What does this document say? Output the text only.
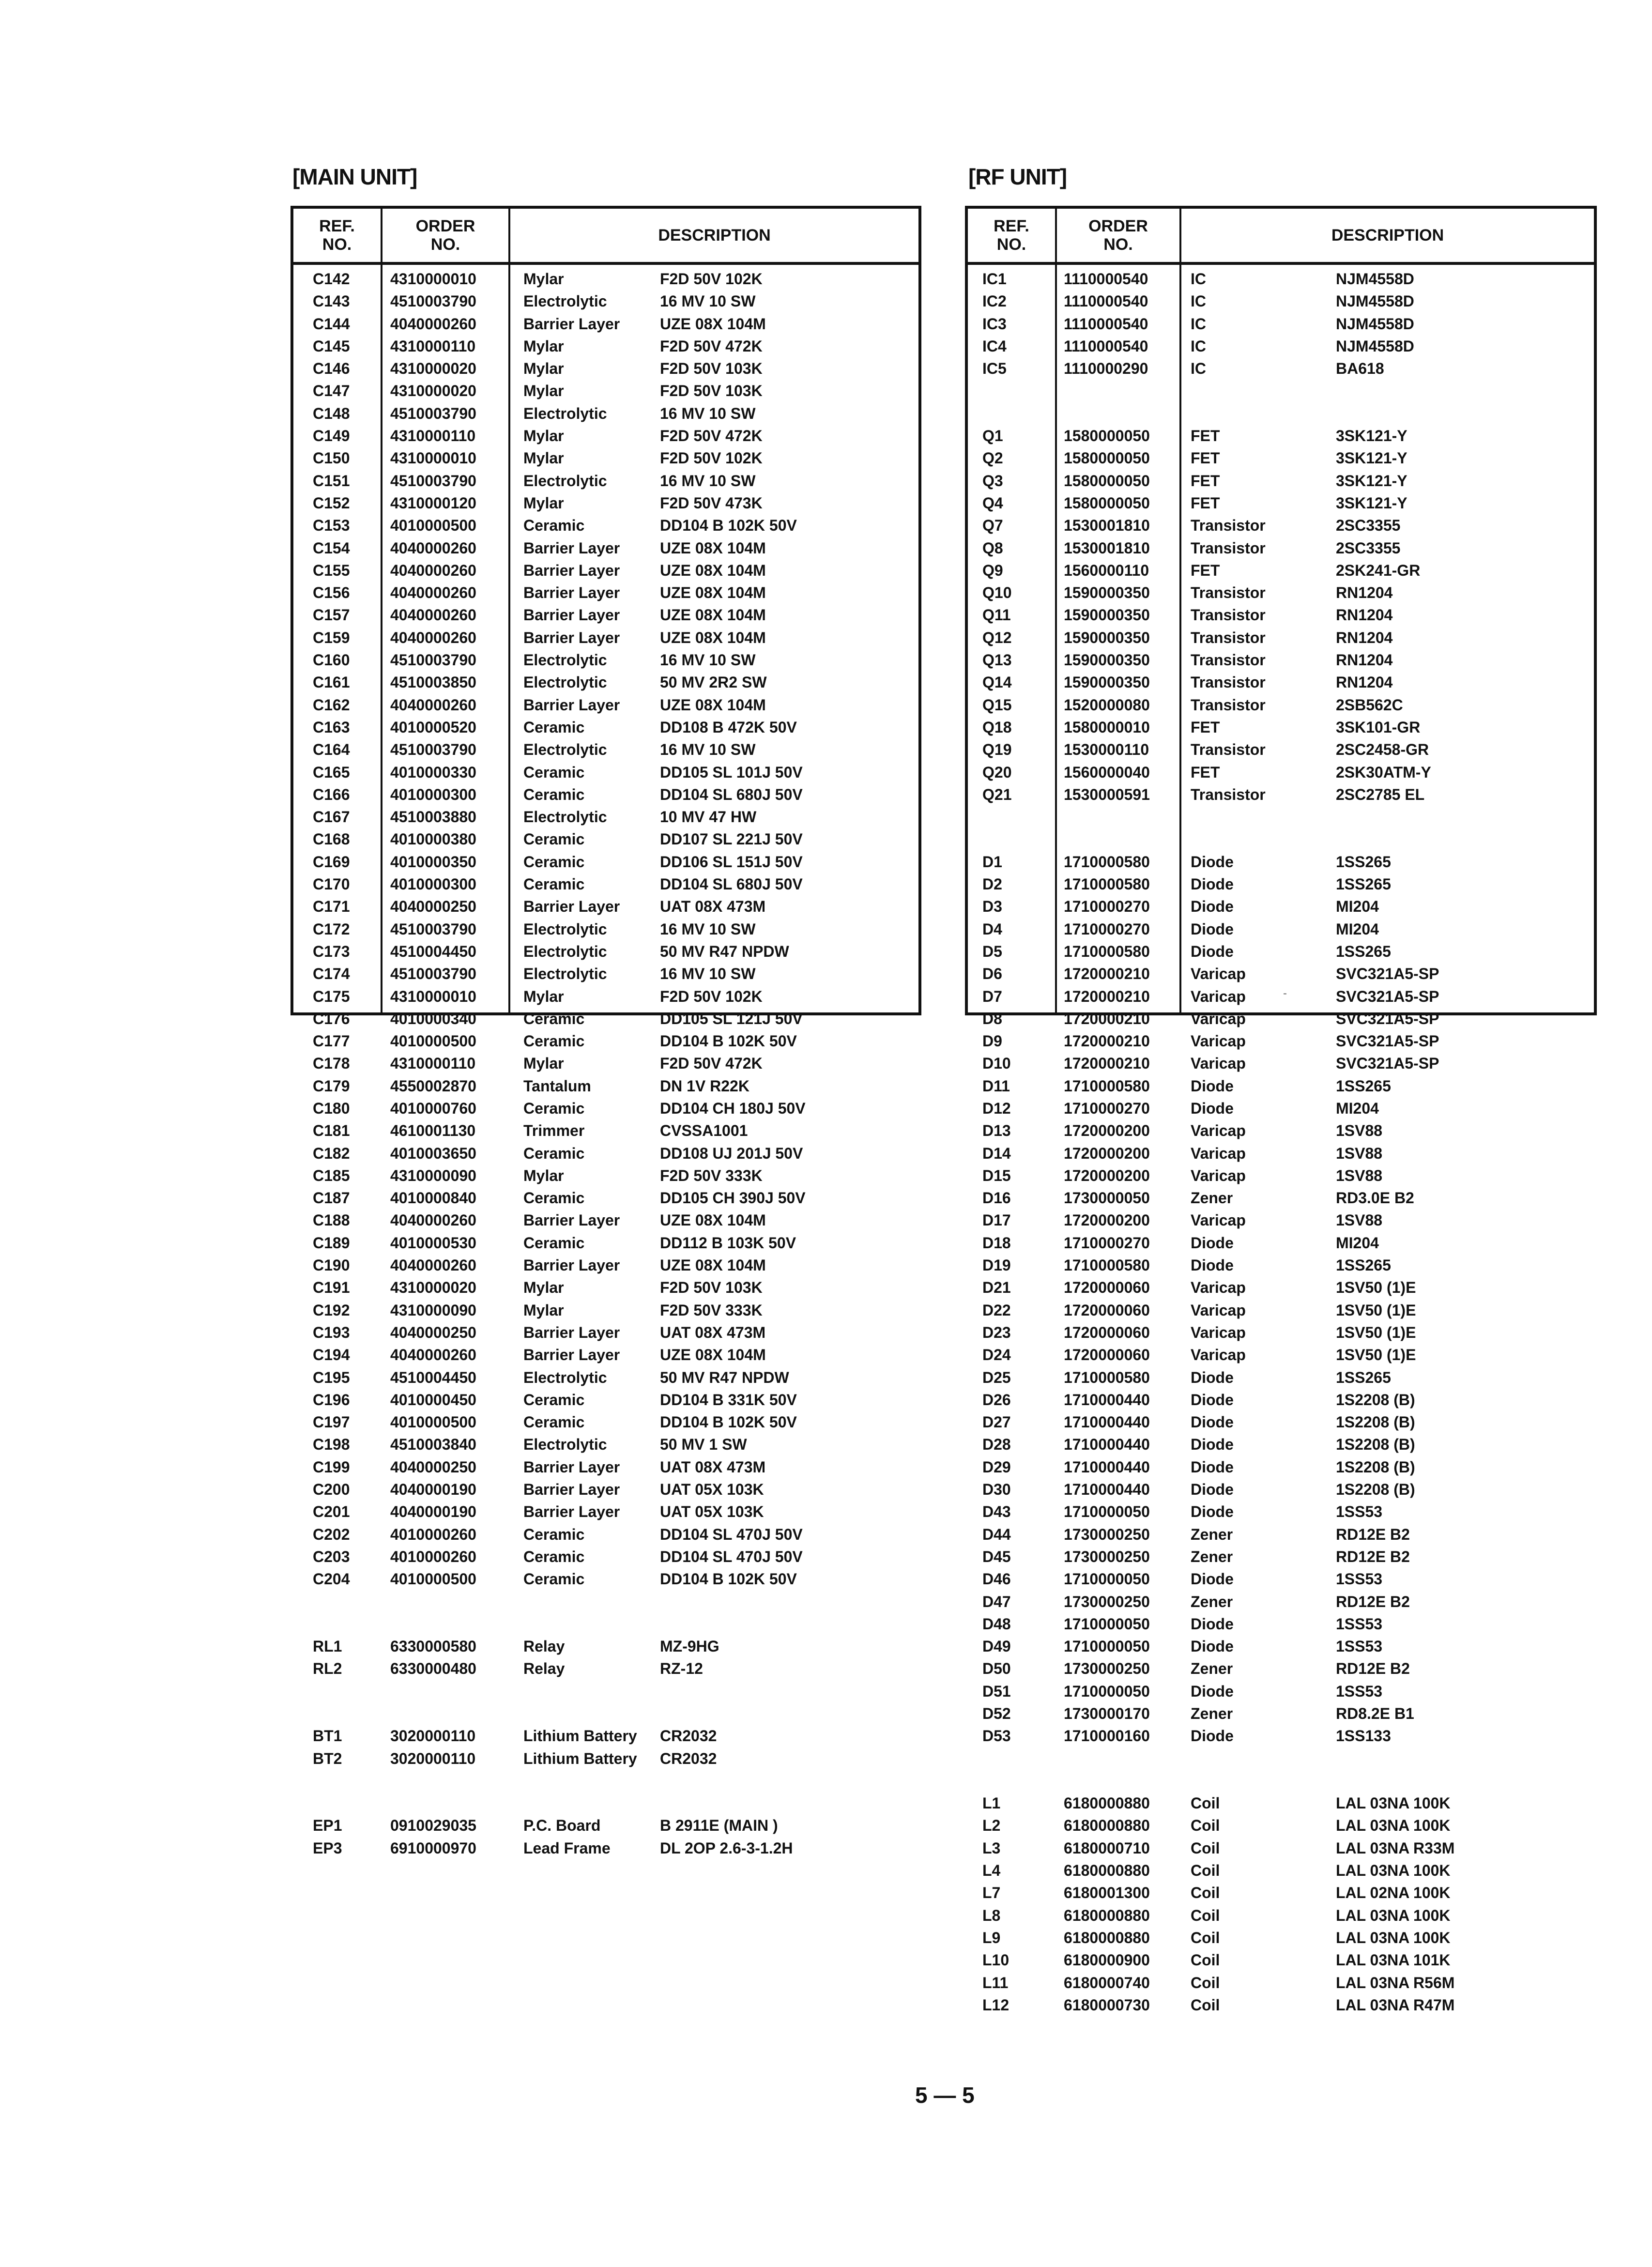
[MAIN UNIT]	[RF UNIT]
REF.
NO.
ORDER
NO.	DESCRIPTION
C142	4310000010	Mylar	F2D 50V 102K
C143	4510003790	Electrolytic	16 MV 10 SW
C144	4040000260	Barrier Layer	UZE 08X 104M
C145	4310000110	Mylar	F2D 50V 472K
C146	4310000020	Mylar	F2D 50V 103K
C147	4310000020	Mylar	F2D 50V 103K
C148	4510003790	Electrolytic	16 MV 10 SW
C149	4310000110	Mylar	F2D 50V 472K
C150	4310000010	Mylar	F2D 50V 102K
C151	4510003790	Electrolytic	16 MV 10 SW
C152	4310000120	Mylar	F2D 50V 473K
C153	4010000500	Ceramic	DD104 B 102K 50V
C154	4040000260	Barrier Layer	UZE 08X 104M
C155	4040000260	Barrier Layer	UZE 08X 104M
C156	4040000260	Barrier Layer	UZE 08X 104M
C157	4040000260	Barrier Layer	UZE 08X 104M
C159	4040000260	Barrier Layer	UZE 08X 104M
C160	4510003790	Electrolytic	16 MV 10 SW
C161	4510003850	Electrolytic	50 MV 2R2 SW
C162	4040000260	Barrier Layer	UZE 08X 104M
C163	4010000520	Ceramic	DD108 B 472K 50V
C164	4510003790	Electrolytic	16 MV 10 SW
C165	4010000330	Ceramic	DD105 SL 101J 50V
C166	4010000300	Ceramic	DD104 SL 680J 50V
C167	4510003880	Electrolytic	10 MV 47 HW
C168	4010000380	Ceramic	DD107 SL 221J 50V
C169	4010000350	Ceramic	DD106 SL 151J 50V
C170	4010000300	Ceramic	DD104 SL 680J 50V
C171	4040000250	Barrier Layer	UAT 08X 473M
C172	4510003790	Electrolytic	16 MV 10 SW
C173	4510004450	Electrolytic	50 MV R47 NPDW
C174	4510003790	Electrolytic	16 MV 10 SW
C175	4310000010	Mylar	F2D 50V 102K
C176	4010000340	Ceramic	DD105 SL 121J 50V
C177	4010000500	Ceramic	DD104 B 102K 50V
C178	4310000110	Mylar	F2D 50V 472K
C179	4550002870	Tantalum	DN 1V R22K
C180	4010000760	Ceramic	DD104 CH 180J 50V
C181	4610001130	Trimmer	CVSSA1001
C182	4010003650	Ceramic	DD108 UJ 201J 50V
C185	4310000090	Mylar	F2D 50V 333K
C187	4010000840	Ceramic	DD105 CH 390J 50V
C188	4040000260	Barrier Layer	UZE 08X 104M
C189	4010000530	Ceramic	DD112 B 103K 50V
C190	4040000260	Barrier Layer	UZE 08X 104M
C191	4310000020	Mylar	F2D 50V 103K
C192	4310000090	Mylar	F2D 50V 333K
C193	4040000250	Barrier Layer	UAT 08X 473M
C194	4040000260	Barrier Layer	UZE 08X 104M
C195	4510004450	Electrolytic	50 MV R47 NPDW
C196	4010000450	Ceramic	DD104 B 331K 50V
C197	4010000500	Ceramic	DD104 B 102K 50V
C198	4510003840	Electrolytic	50 MV 1 SW
C199	4040000250	Barrier Layer	UAT 08X 473M
C200	4040000190	Barrier Layer	UAT 05X 103K
C201	4040000190	Barrier Layer	UAT 05X 103K
C202	4010000260	Ceramic	DD104 SL 470J 50V
C203	4010000260	Ceramic	DD104 SL 470J 50V
C204	4010000500	Ceramic	DD104 B 102K 50V
RL1	6330000580	Relay	MZ-9HG
RL2	6330000480	Relay	RZ-12
BT1	3020000110	Lithium Battery CR2032
BT2	3020000110	Lithium Battery CR2032
EP1	0910029035	P.C. Board	B 2911E (MAIN )
EP3	6910000970	Lead Frame	DL 2OP 2.6-3-1.2H
REF.
NO.
ORDER
NO.	DESCRIPTION
IC1	1110000540	IC	NJM4558D
IC2	1110000540	IC	NJM4558D
IC3	1110000540	IC	NJM4558D
IC4	1110000540	IC	NJM4558D
IC5	1110000290	IC	BA618
Q1	1580000050	FET	3SK121-Y
Q2	1580000050	FET	3SK121-Y
Q3	1580000050	FET	3SK121-Y
Q4	1580000050	FET	3SK121-Y
Q7	1530001810	Transistor	2SC3355
Q8	1530001810	Transistor	2SC3355
Q9	1560000110	FET	2SK241-GR
Q10	1590000350	Transistor	RN1204
Q11	1590000350	Transistor	RN1204
Q12	1590000350	Transistor	RN1204
Q13	1590000350	Transistor	RN1204
Q14	1590000350	Transistor	RN1204
Q15	1520000080	Transistor	2SB562C
Q18	1580000010	FET	3SK101-GR
Q19	1530000110	Transistor	2SC2458-GR
Q20	1560000040	FET	2SK30ATM-Y
Q21	1530000591	Transistor	2SC2785 EL
D1	1710000580	Diode	1SS265
D2	1710000580	Diode	1SS265
D3	1710000270	Diode	MI204
D4	1710000270	Diode	MI204
D5	1710000580	Diode	1SS265
D6	1720000210	Varicap	SVC321A5-SP
D7	1720000210	Varicap	SVC321A5-SP
D8	1720000210	Varicap	SVC321A5-SP
D9	1720000210	Varicap	SVC321A5-SP
D10	1720000210	Varicap	SVC321A5-SP
D11	1710000580	Diode	1SS265
D12	1710000270	Diode	MI204
D13	1720000200	Varicap	1SV88
D14	1720000200	Varicap	1SV88
D15	1720000200	Varicap	1SV88
D16	1730000050	Zener	RD3.0E B2
D17	1720000200	Varicap	1SV88
D18	1710000270	Diode	MI204
D19	1710000580	Diode	1SS265
D21	1720000060	Varicap	1SV50 (1)E
D22	1720000060	Varicap	1SV50 (1)E
D23	1720000060	Varicap	1SV50 (1)E
D24	1720000060	Varicap	1SV50 (1)E
D25	1710000580	Diode	1SS265
D26	1710000440	Diode	1S2208 (B)
D27	1710000440	Diode	1S2208 (B)
D28	1710000440	Diode	1S2208 (B)
D29	1710000440	Diode	1S2208 (B)
D30	1710000440	Diode	1S2208 (B)
D43	1710000050	Diode	1SS53
D44	1730000250	Zener	RD12E B2
D45	1730000250	Zener	RD12E B2
D46	1710000050	Diode	1SS53
D47	1730000250	Zener	RD12E B2
D48	1710000050	Diode	1SS53
D49	1710000050	Diode	1SS53
D50	1730000250	Zener	RD12E B2
D51	1710000050	Diode	1SS53
D52	1730000170	Zener	RD8.2E B1
D53	1710000160	Diode	1SS133
L1	6180000880	Coil	LAL 03NA 100K
L2	6180000880	Coil	LAL 03NA 100K
L3	6180000710	Coil	LAL 03NA R33M
L4	6180000880	Coil	LAL 03NA 100K
L7	6180001300	Coil	LAL 02NA 100K
L8	6180000880	Coil	LAL 03NA 100K
L9	6180000880	Coil	LAL 03NA 100K
L10	6180000900	Coil	LAL 03NA 101K
L11	6180000740	Coil	LAL 03NA R56M
L12	6180000730	Coil	LAL 03NA R47M
-
5 — 5
